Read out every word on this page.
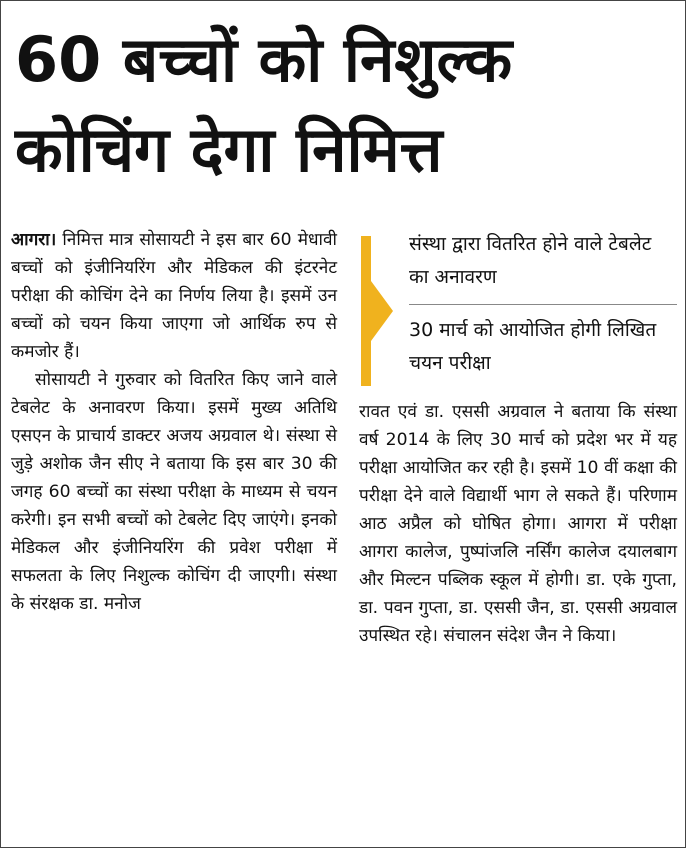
60 बच्चों को निशुल्क
कोचिंग देगा निमित्त

आगरा। निमित्त मात्र सोसायटी ने इस बार 60 मेधावी बच्चों को इंजीनियरिंग और मेडिकल की इंटरनेट परीक्षा की कोचिंग देने का निर्णय लिया है। इसमें उन बच्चों को चयन किया जाएगा जो आर्थिक रुप से कमजोर हैं।

सोसायटी ने गुरुवार को वितरित किए जाने वाले टेबलेट के अनावरण किया। इसमें मुख्य अतिथि एसएन के प्राचार्य डाक्टर अजय अग्रवाल थे। संस्था से जुड़े अशोक जैन सीए ने बताया कि इस बार 30 की जगह 60 बच्चों का संस्था परीक्षा के माध्यम से चयन करेगी। इन सभी बच्चों को टेबलेट दिए जाएंगे। इनको मेडिकल और इंजीनियरिंग की प्रवेश परीक्षा में सफलता के लिए निशुल्क कोचिंग दी जाएगी। संस्था के संरक्षक डा. मनोज

संस्था द्वारा वितरित होने वाले टेबलेट का अनावरण
30 मार्च को आयोजित होगी लिखित चयन परीक्षा

रावत एवं डा. एससी अग्रवाल ने बताया कि संस्था वर्ष 2014 के लिए 30 मार्च को प्रदेश भर में यह परीक्षा आयोजित कर रही है। इसमें 10 वीं कक्षा की परीक्षा देने वाले विद्यार्थी भाग ले सकते हैं। परिणाम आठ अप्रैल को घोषित होगा। आगरा में परीक्षा आगरा कालेज, पुष्पांजलि नर्सिंग कालेज दयालबाग और मिल्टन पब्लिक स्कूल में होगी। डा. एके गुप्ता, डा. पवन गुप्ता, डा. एससी जैन, डा. एससी अग्रवाल उपस्थित रहे। संचालन संदेश जैन ने किया।
